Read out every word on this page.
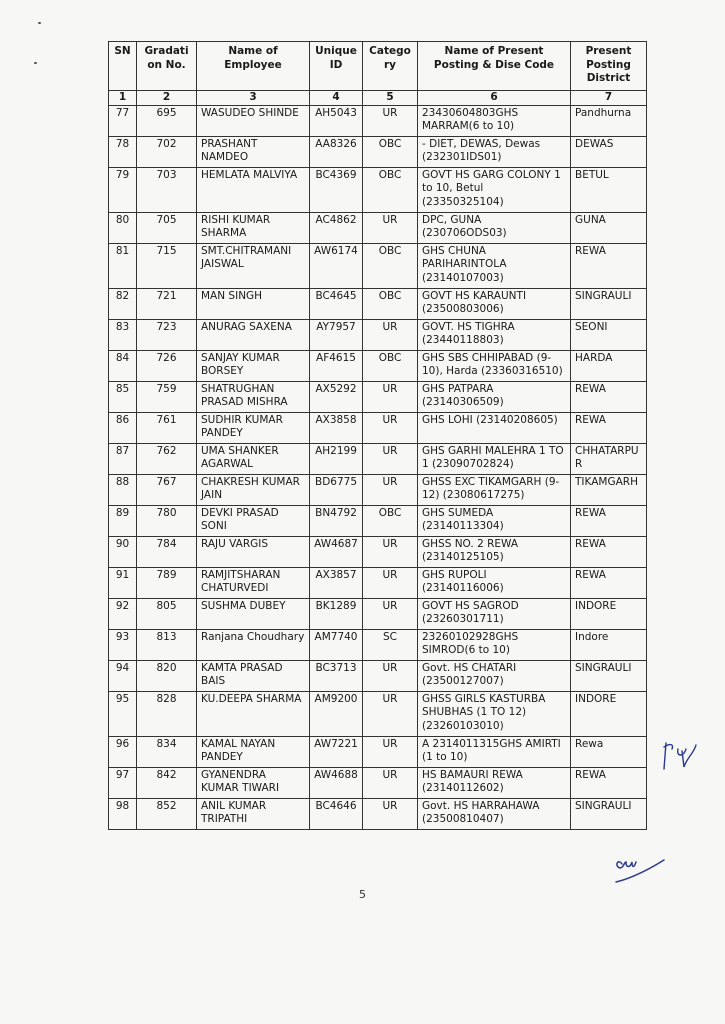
SN	Gradation No.	Name of Employee	Unique ID	Category	Name of Present Posting & Dise Code	Present Posting District
1	2	3	4	5	6	7
77	695	WASUDEO SHINDE	AH5043	UR	23430604803GHS MARRAM(6 to 10)	Pandhurna
78	702	PRASHANT NAMDEO	AA8326	OBC	- DIET, DEWAS, Dewas (232301IDS01)	DEWAS
79	703	HEMLATA MALVIYA	BC4369	OBC	GOVT HS GARG COLONY 1 to 10, Betul (23350325104)	BETUL
80	705	RISHI KUMAR SHARMA	AC4862	UR	DPC, GUNA (230706ODS03)	GUNA
81	715	SMT.CHITRAMANI JAISWAL	AW6174	OBC	GHS CHUNA PARIHARINTOLA (23140107003)	REWA
82	721	MAN SINGH	BC4645	OBC	GOVT HS KARAUNTI (23500803006)	SINGRAULI
83	723	ANURAG SAXENA	AY7957	UR	GOVT. HS TIGHRA (23440118803)	SEONI
84	726	SANJAY KUMAR BORSEY	AF4615	OBC	GHS SBS CHHIPABAD (9-10), Harda (23360316510)	HARDA
85	759	SHATRUGHAN PRASAD MISHRA	AX5292	UR	GHS PATPARA (23140306509)	REWA
86	761	SUDHIR KUMAR PANDEY	AX3858	UR	GHS LOHI (23140208605)	REWA
87	762	UMA SHANKER AGARWAL	AH2199	UR	GHS GARHI MALEHRA 1 TO 1 (23090702824)	CHHATARPUR
88	767	CHAKRESH KUMAR JAIN	BD6775	UR	GHSS EXC TIKAMGARH (9-12) (23080617275)	TIKAMGARH
89	780	DEVKI PRASAD SONI	BN4792	OBC	GHS SUMEDA (23140113304)	REWA
90	784	RAJU VARGIS	AW4687	UR	GHSS NO. 2 REWA (23140125105)	REWA
91	789	RAMJITSHARAN CHATURVEDI	AX3857	UR	GHS RUPOLI (23140116006)	REWA
92	805	SUSHMA DUBEY	BK1289	UR	GOVT HS SAGROD (23260301711)	INDORE
93	813	Ranjana Choudhary	AM7740	SC	23260102928GHS SIMROD(6 to 10)	Indore
94	820	KAMTA PRASAD BAIS	BC3713	UR	Govt. HS CHATARI (23500127007)	SINGRAULI
95	828	KU.DEEPA SHARMA	AM9200	UR	GHSS GIRLS KASTURBA SHUBHAS (1 TO 12) (23260103010)	INDORE
96	834	KAMAL NAYAN PANDEY	AW7221	UR	A 2314011315GHS AMIRTI (1 to 10)	Rewa
97	842	GYANENDRA KUMAR TIWARI	AW4688	UR	HS BAMAURI REWA (23140112602)	REWA
98	852	ANIL KUMAR TRIPATHI	BC4646	UR	Govt. HS HARRAHAWA (23500810407)	SINGRAULI
5
